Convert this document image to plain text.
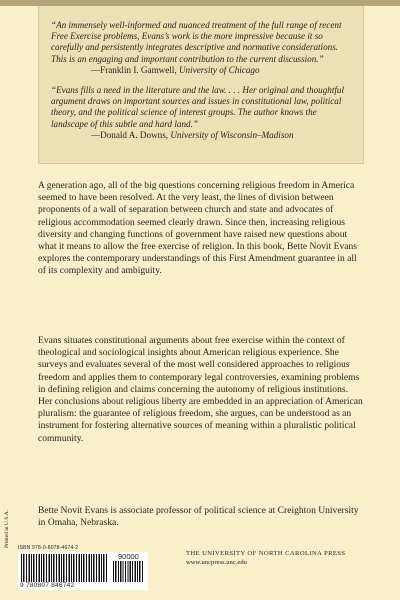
“An immensely well-informed and nuanced treatment of the full range of recent Free Exercise problems, Evans’s work is the more impressive because it so carefully and persistently integrates descriptive and normative considerations. This is an engaging and important contribution to the current discussion.”

—Franklin I. Gamwell, University of Chicago

“Evans fills a need in the literature and the law. . . . Her original and thoughtful argument draws on important sources and issues in constitutional law, political theory, and the political science of interest groups. The author knows the landscape of this subtle and hard land.”

—Donald A. Downs, University of Wisconsin–Madison

A generation ago, all of the big questions concerning religious freedom in America seemed to have been resolved. At the very least, the lines of division between proponents of a wall of separation between church and state and advocates of religious accommodation seemed clearly drawn. Since then, increasing religious diversity and changing functions of government have raised new questions about what it means to allow the free exercise of religion. In this book, Bette Novit Evans explores the contemporary understandings of this First Amendment guarantee in all of its complexity and ambiguity.

Evans situates constitutional arguments about free exercise within the context of theological and sociological insights about American religious experience. She surveys and evaluates several of the most well considered approaches to religious freedom and applies them to contemporary legal controversies, examining problems in defining religion and claims concerning the autonomy of religious institutions. Her conclusions about religious liberty are embedded in an appreciation of American pluralism: the guarantee of religious freedom, she argues, can be understood as an instrument for fostering alternative sources of meaning within a pluralistic political community.

Bette Novit Evans is associate professor of political science at Creighton University in Omaha, Nebraska.

Printed in U.S.A. ISBN 978-0-8078-4674-2
90000
9 780807 846742
THE UNIVERSITY OF NORTH CAROLINA PRESS
www.uncpress.unc.edu
